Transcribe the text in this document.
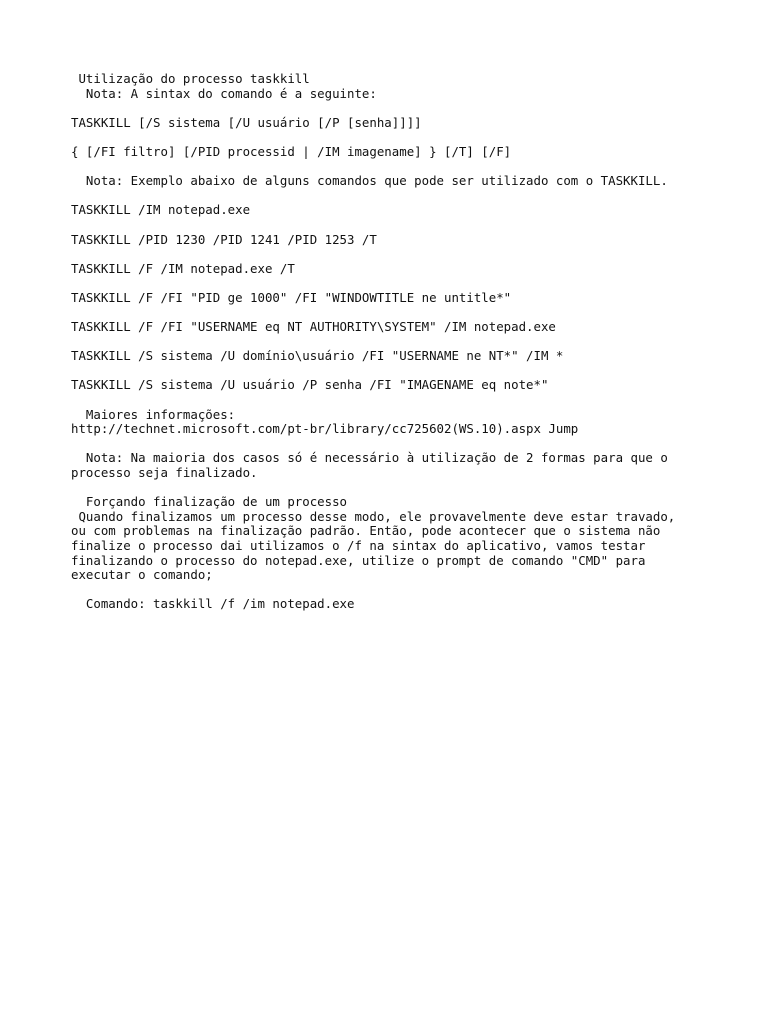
Utilização do processo taskkill
Nota: A sintax do comando é a seguinte:
TASKKILL [/S sistema [/U usuário [/P [senha]]]]
{ [/FI filtro] [/PID processid | /IM imagename] } [/T] [/F]
Nota: Exemplo abaixo de alguns comandos que pode ser utilizado com o TASKKILL.
TASKKILL /IM notepad.exe
TASKKILL /PID 1230 /PID 1241 /PID 1253 /T
TASKKILL /F /IM notepad.exe /T
TASKKILL /F /FI "PID ge 1000" /FI "WINDOWTITLE ne untitle*"
TASKKILL /F /FI "USERNAME eq NT AUTHORITY\SYSTEM" /IM notepad.exe
TASKKILL /S sistema /U domínio\usuário /FI "USERNAME ne NT*" /IM *
TASKKILL /S sistema /U usuário /P senha /FI "IMAGENAME eq note*"
Maiores informações:
http://technet.microsoft.com/pt-br/library/cc725602(WS.10).aspx Jump
Nota: Na maioria dos casos só é necessário à utilização de 2 formas para que o
processo seja finalizado.
Forçando finalização de um processo
Quando finalizamos um processo desse modo, ele provavelmente deve estar travado,
ou com problemas na finalização padrão. Então, pode acontecer que o sistema não
finalize o processo dai utilizamos o /f na sintax do aplicativo, vamos testar
finalizando o processo do notepad.exe, utilize o prompt de comando "CMD" para
executar o comando;
Comando: taskkill /f /im notepad.exe
